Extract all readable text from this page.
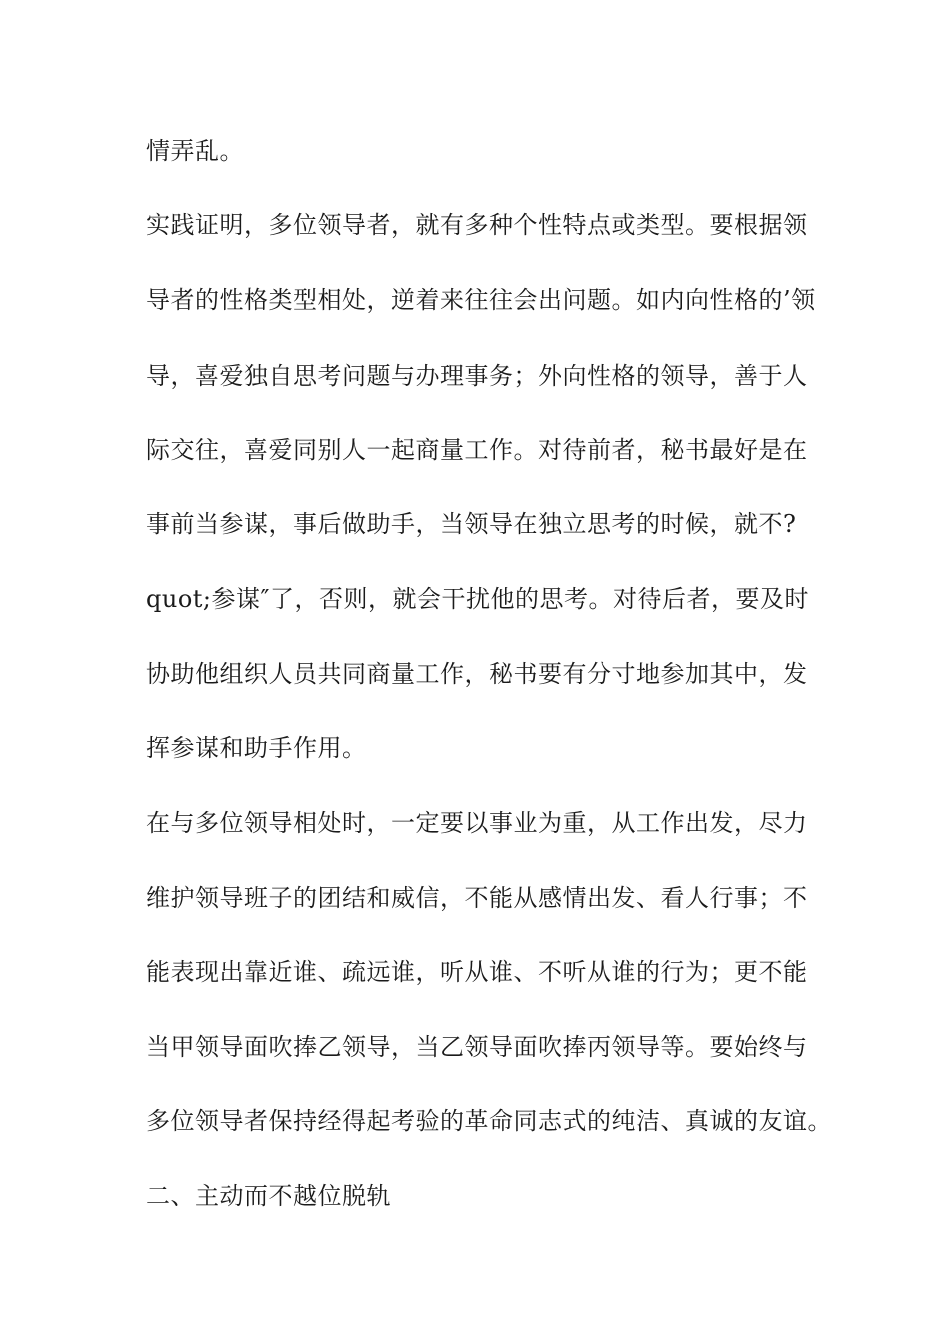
情弄乱。
实践证明，多位领导者，就有多种个性特点或类型。要根据领
导者的性格类型相处，逆着来往往会出问题。如内向性格的’领
导，喜爱独自思考问题与办理事务；外向性格的领导，善于人
际交往，喜爱同别人一起商量工作。对待前者，秘书最好是在
事前当参谋，事后做助手，当领导在独立思考的时候，就不?
quot;参谋″了，否则，就会干扰他的思考。对待后者，要及时
协助他组织人员共同商量工作，秘书要有分寸地参加其中，发
挥参谋和助手作用。
在与多位领导相处时，一定要以事业为重，从工作出发，尽力
维护领导班子的团结和威信，不能从感情出发、看人行事；不
能表现出靠近谁、疏远谁，听从谁、不听从谁的行为；更不能
当甲领导面吹捧乙领导，当乙领导面吹捧丙领导等。要始终与
多位领导者保持经得起考验的革命同志式的纯洁、真诚的友谊。
二、主动而不越位脱轨
